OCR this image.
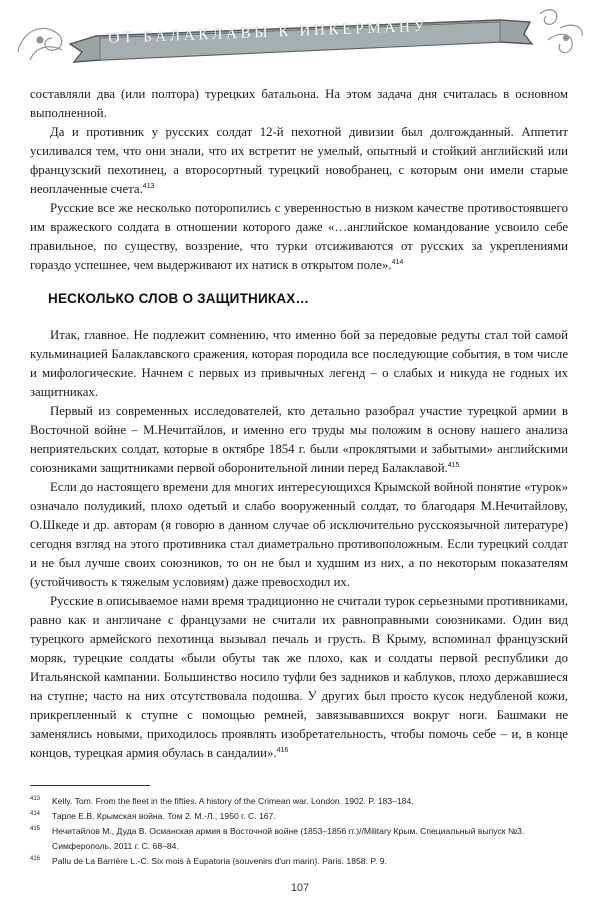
ОТ БАЛАКЛАВЫ К ИНКЕРМАНУ

составляли два (или полтора) турецких батальона. На этом задача дня считалась в основном выполненной.

Да и противник у русских солдат 12-й пехотной дивизии был долгожданный. Аппетит усиливался тем, что они знали, что их встретит не умелый, опытный и стойкий английский или французский пехотинец, а второсортный турецкий новобранец, с которым они имели старые неоплаченные счета.$^{413}$

Русские все же несколько поторопились с уверенностью в низком качестве противостоявшего им вражеского солдата в отношении которого даже «…английское командование усвоило себе правильное, по существу, воззрение, что турки отсиживаются от русских за укреплениями гораздо успешнее, чем выдерживают их натиск в открытом поле».$^{414}$

НЕСКОЛЬКО СЛОВ О ЗАЩИТНИКАХ…

Итак, главное. Не подлежит сомнению, что именно бой за передовые редуты стал той самой кульминацией Балаклавского сражения, которая породила все последующие события, в том числе и мифологические. Начнем с первых из привычных легенд – о слабых и никуда не годных их защитниках.

Первый из современных исследователей, кто детально разобрал участие турецкой армии в Восточной войне – М.Нечитайлов, и именно его труды мы положим в основу нашего анализа неприятельских солдат, которые в октябре 1854 г. были «проклятыми и забытыми» английскими союзниками защитниками первой оборонительной линии перед Балаклавой.$^{415}$

Если до настоящего времени для многих интересующихся Крымской войной понятие «турок» означало полудикий, плохо одетый и слабо вооруженный солдат, то благодаря М.Нечитайлову, О.Шкеде и др. авторам (я говорю в данном случае об исключительно русскоязычной литературе) сегодня взгляд на этого противника стал диаметрально противоположным. Если турецкий солдат и не был лучше своих союзников, то он не был и худшим из них, а по некоторым показателям (устойчивость к тяжелым условиям) даже превосходил их.

Русские в описываемое нами время традиционно не считали турок серьезными противниками, равно как и англичане с французами не считали их равноправными союзниками. Один вид турецкого армейского пехотинца вызывал печаль и грусть. В Крыму, вспоминал французский моряк, турецкие солдаты «были обуты так же плохо, как и солдаты первой республики до Итальянской кампании. Большинство носило туфли без задников и каблуков, плохо державшиеся на ступне; часто на них отсутствовала подошва. У других был просто кусок недубленой кожи, прикрепленный к ступне с помощью ремней, завязывавшихся вокруг ноги. Башмаки не заменялись новыми, приходилось проявлять изобретательность, чтобы помочь себе – и, в конце концов, турецкая армия обулась в сандалии».$^{416}$

413 Kelly. Tom. From the fleet in the fifties. A history of the Crimean war. London. 1902. P. 183–184.
414 Тарле Е.В. Крымская война. Том 2. М.-Л., 1950 г. С. 167.
415 Нечитайлов М., Дуда В. Османская армия в Восточной войне (1853–1856 гг.)//Military Крым. Специальный выпуск №3. Симферополь, 2011 г. С. 68–84.
416 Pallu de La Barrière L.-C. Six mois à Eupatoria (souvenirs d'un marin). Paris. 1858. P. 9.
107
